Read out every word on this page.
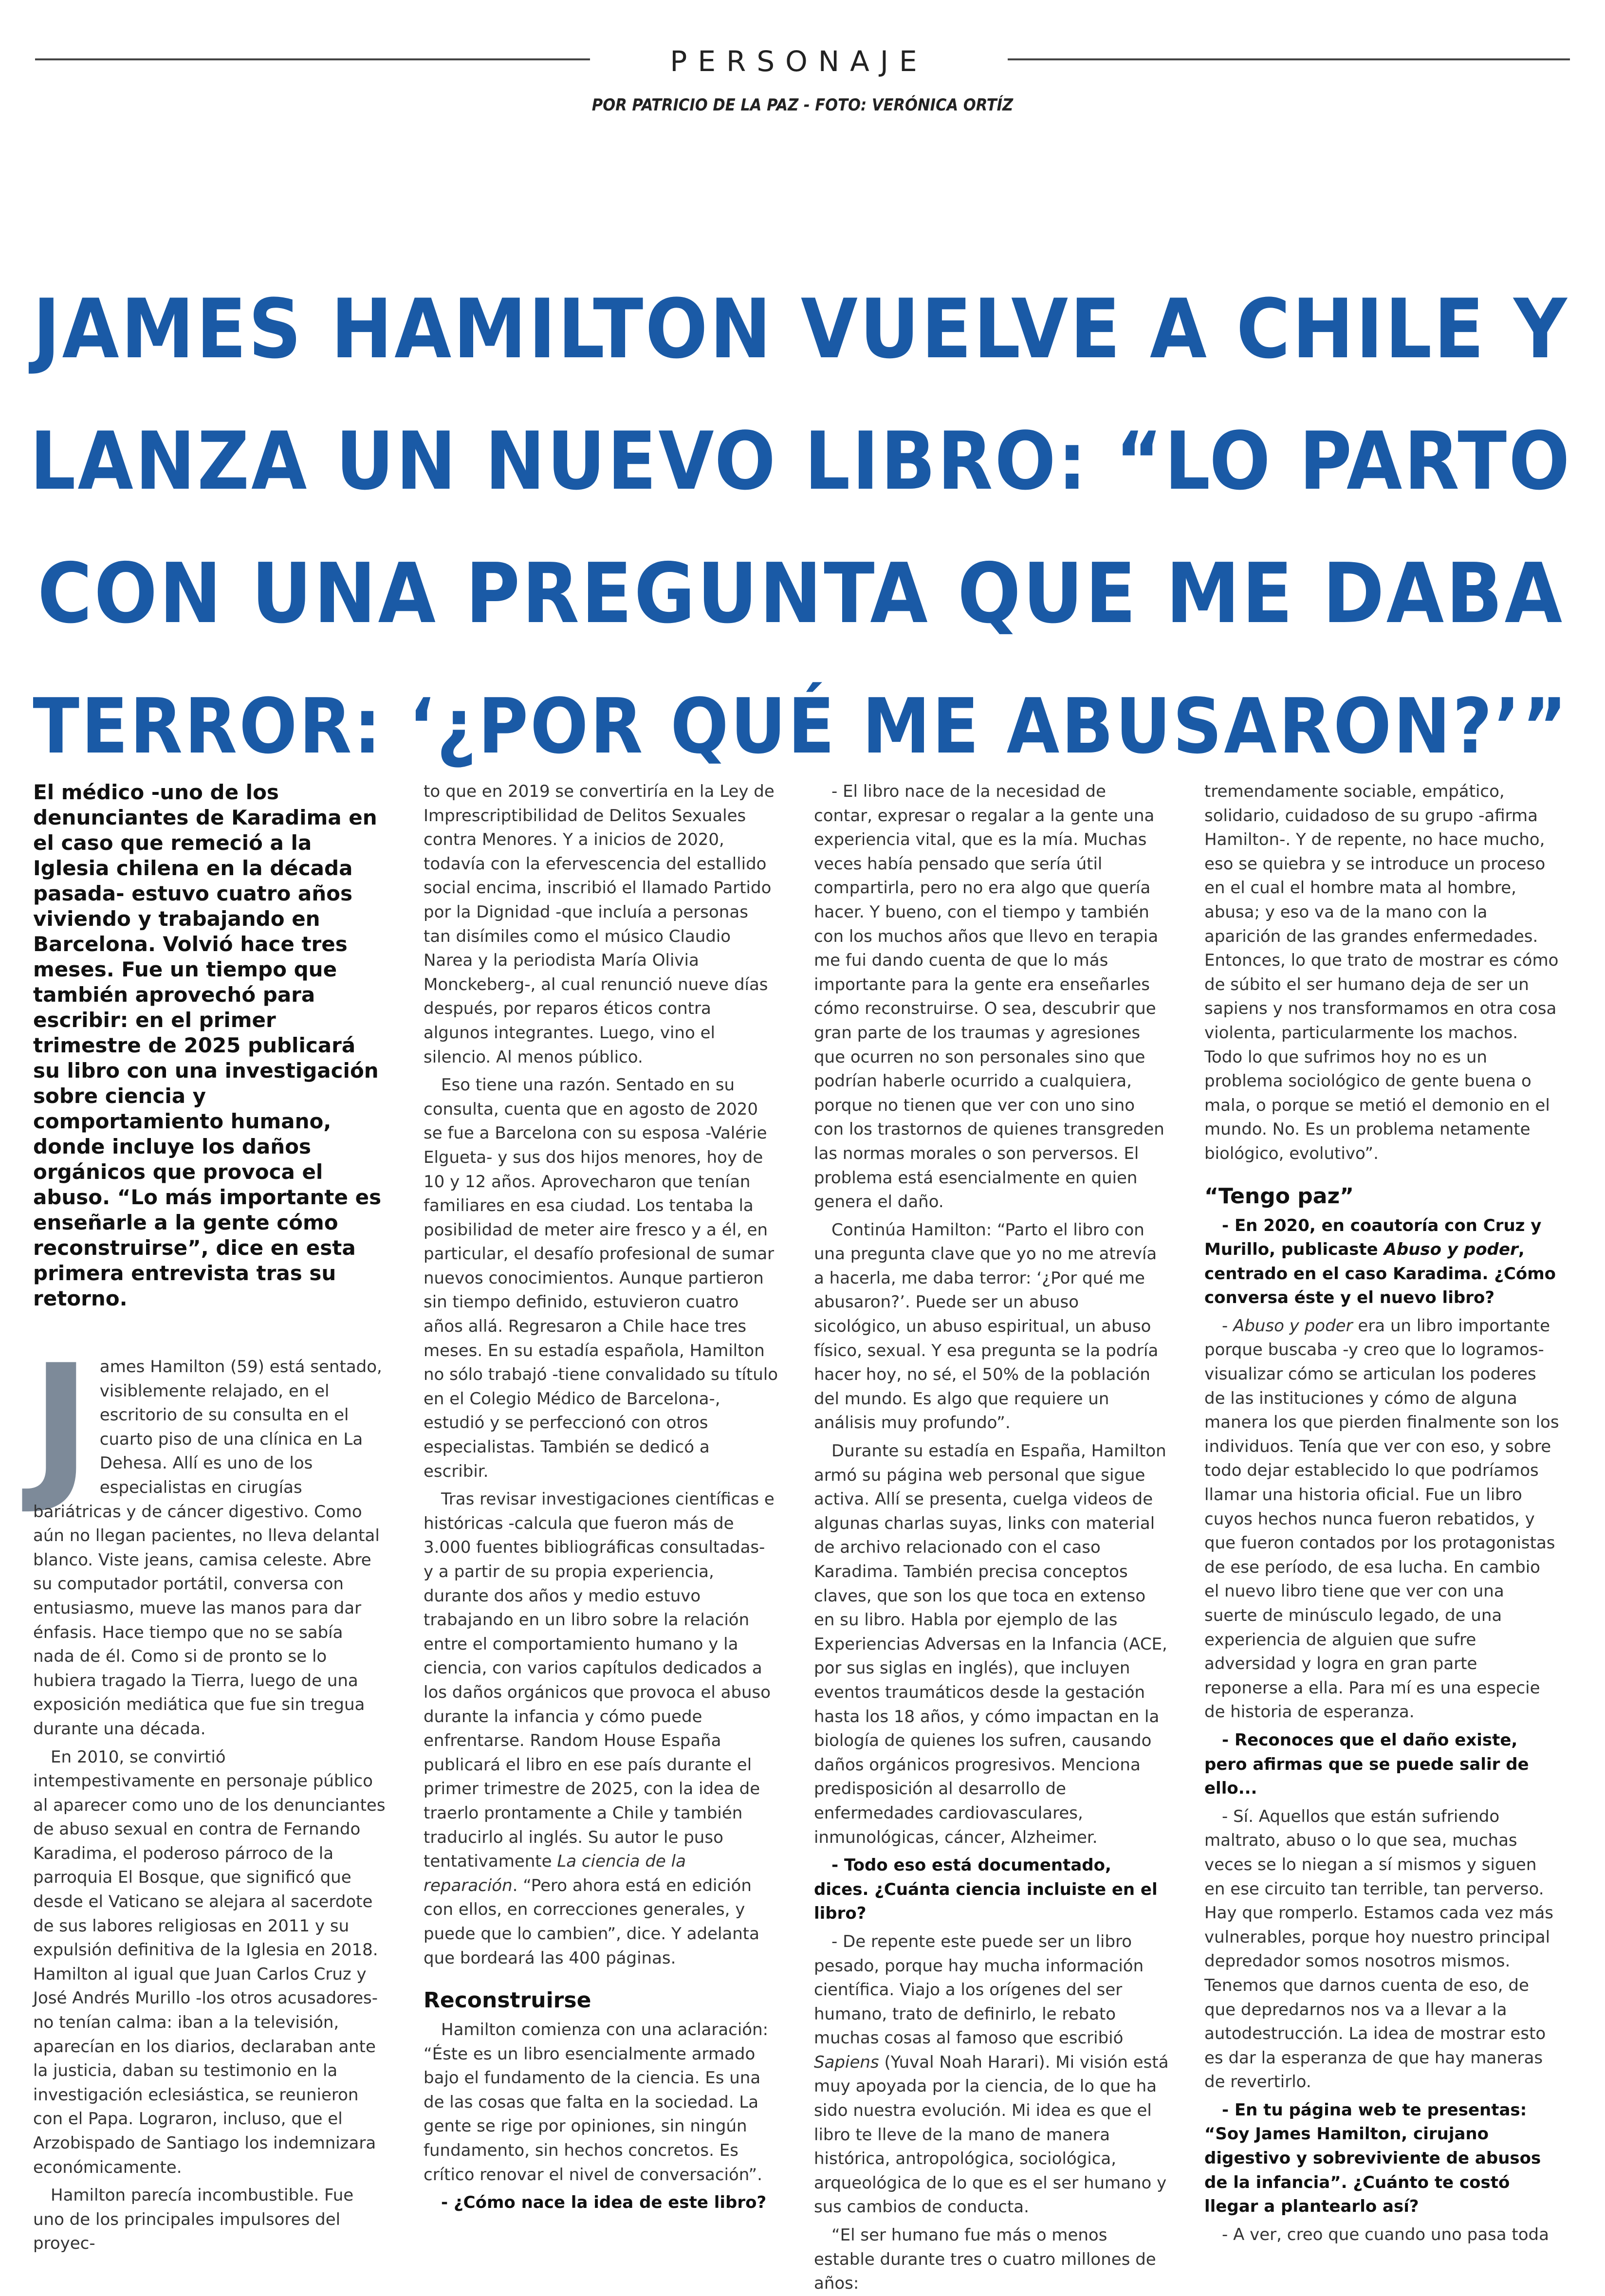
PERSONAJE
POR PATRICIO DE LA PAZ - FOTO: VERÓNICA ORTÍZ
JAMES HAMILTON VUELVE A CHILE Y
LANZA UN NUEVO LIBRO: “LO PARTO
CON UNA PREGUNTA QUE ME DABA
TERROR: ‘¿POR QUÉ ME ABUSARON?’”

El médico -uno de los denunciantes de Karadima en el caso que remeció a la Iglesia chilena en la década pasada- estuvo cuatro años viviendo y trabajando en Barcelona. Volvió hace tres meses. Fue un tiempo que también aprovechó para escribir: en el primer trimestre de 2025 publicará su libro con una investigación sobre ciencia y comportamiento humano, donde incluye los daños orgánicos que provoca el abuso. “Lo más importante es enseñarle a la gente cómo reconstruirse”, dice en esta primera entrevista tras su retorno.

J ames Hamilton (59) está sentado, visiblemente relajado, en el escritorio de su consulta en el cuarto piso de una clínica en La Dehesa. Allí es uno de los especialistas en cirugías bariátricas y de cáncer digestivo. Como aún no llegan pacientes, no lleva delantal blanco. Viste jeans, camisa celeste. Abre su computador portátil, conversa con entusiasmo, mueve las manos para dar énfasis. Hace tiempo que no se sabía nada de él. Como si de pronto se lo hubiera tragado la Tierra, luego de una exposición mediática que fue sin tregua durante una década.

En 2010, se convirtió intempestivamente en personaje público al aparecer como uno de los denunciantes de abuso sexual en contra de Fernando Karadima, el poderoso párroco de la parroquia El Bosque, que significó que desde el Vaticano se alejara al sacerdote de sus labores religiosas en 2011 y su expulsión definitiva de la Iglesia en 2018. Hamilton al igual que Juan Carlos Cruz y José Andrés Murillo -los otros acusadores- no tenían calma: iban a la televisión, aparecían en los diarios, declaraban ante la justicia, daban su testimonio en la investigación eclesiástica, se reunieron con el Papa. Lograron, incluso, que el Arzobispado de Santiago los indemnizara económicamente.

Hamilton parecía incombustible. Fue uno de los principales impulsores del proyec-

to que en 2019 se convertiría en la Ley de Imprescriptibilidad de Delitos Sexuales contra Menores. Y a inicios de 2020, todavía con la efervescencia del estallido social encima, inscribió el llamado Partido por la Dignidad -que incluía a personas tan disímiles como el músico Claudio Narea y la periodista María Olivia Monckeberg-, al cual renunció nueve días después, por reparos éticos contra algunos integrantes. Luego, vino el silencio. Al menos público.

Eso tiene una razón. Sentado en su consulta, cuenta que en agosto de 2020 se fue a Barcelona con su esposa -Valérie Elgueta- y sus dos hijos menores, hoy de 10 y 12 años. Aprovecharon que tenían familiares en esa ciudad. Los tentaba la posibilidad de meter aire fresco y a él, en particular, el desafío profesional de sumar nuevos conocimientos. Aunque partieron sin tiempo definido, estuvieron cuatro años allá. Regresaron a Chile hace tres meses. En su estadía española, Hamilton no sólo trabajó -tiene convalidado su título en el Colegio Médico de Barcelona-, estudió y se perfeccionó con otros especialistas. También se dedicó a escribir.

Tras revisar investigaciones científicas e históricas -calcula que fueron más de 3.000 fuentes bibliográficas consultadas- y a partir de su propia experiencia, durante dos años y medio estuvo trabajando en un libro sobre la relación entre el comportamiento humano y la ciencia, con varios capítulos dedicados a los daños orgánicos que provoca el abuso durante la infancia y cómo puede enfrentarse. Random House España publicará el libro en ese país durante el primer trimestre de 2025, con la idea de traerlo prontamente a Chile y también traducirlo al inglés. Su autor le puso tentativamente La ciencia de la reparación. “Pero ahora está en edición con ellos, en correcciones generales, y puede que lo cambien”, dice. Y adelanta que bordeará las 400 páginas.

Reconstruirse

Hamilton comienza con una aclaración: “Éste es un libro esencialmente armado bajo el fundamento de la ciencia. Es una de las cosas que falta en la sociedad. La gente se rige por opiniones, sin ningún fundamento, sin hechos concretos. Es crítico renovar el nivel de conversación”.

- ¿Cómo nace la idea de este libro?

- El libro nace de la necesidad de contar, expresar o regalar a la gente una experiencia vital, que es la mía. Muchas veces había pensado que sería útil compartirla, pero no era algo que quería hacer. Y bueno, con el tiempo y también con los muchos años que llevo en terapia me fui dando cuenta de que lo más importante para la gente era enseñarles cómo reconstruirse. O sea, descubrir que gran parte de los traumas y agresiones que ocurren no son personales sino que podrían haberle ocurrido a cualquiera, porque no tienen que ver con uno sino con los trastornos de quienes transgreden las normas morales o son perversos. El problema está esencialmente en quien genera el daño.

Continúa Hamilton: “Parto el libro con una pregunta clave que yo no me atrevía a hacerla, me daba terror: ‘¿Por qué me abusaron?’. Puede ser un abuso sicológico, un abuso espiritual, un abuso físico, sexual. Y esa pregunta se la podría hacer hoy, no sé, el 50% de la población del mundo. Es algo que requiere un análisis muy profundo”.

Durante su estadía en España, Hamilton armó su página web personal que sigue activa. Allí se presenta, cuelga videos de algunas charlas suyas, links con material de archivo relacionado con el caso Karadima. También precisa conceptos claves, que son los que toca en extenso en su libro. Habla por ejemplo de las Experiencias Adversas en la Infancia (ACE, por sus siglas en inglés), que incluyen eventos traumáticos desde la gestación hasta los 18 años, y cómo impactan en la biología de quienes los sufren, causando daños orgánicos progresivos. Menciona predisposición al desarrollo de enfermedades cardiovasculares, inmunológicas, cáncer, Alzheimer.

- Todo eso está documentado, dices. ¿Cuánta ciencia incluiste en el libro?

- De repente este puede ser un libro pesado, porque hay mucha información científica. Viajo a los orígenes del ser humano, trato de definirlo, le rebato muchas cosas al famoso que escribió Sapiens (Yuval Noah Harari). Mi visión está muy apoyada por la ciencia, de lo que ha sido nuestra evolución. Mi idea es que el libro te lleve de la mano de manera histórica, antropológica, sociológica, arqueológica de lo que es el ser humano y sus cambios de conducta.

“El ser humano fue más o menos estable durante tres o cuatro millones de años:

tremendamente sociable, empático, solidario, cuidadoso de su grupo -afirma Hamilton-. Y de repente, no hace mucho, eso se quiebra y se introduce un proceso en el cual el hombre mata al hombre, abusa; y eso va de la mano con la aparición de las grandes enfermedades. Entonces, lo que trato de mostrar es cómo de súbito el ser humano deja de ser un sapiens y nos transformamos en otra cosa violenta, particularmente los machos. Todo lo que sufrimos hoy no es un problema sociológico de gente buena o mala, o porque se metió el demonio en el mundo. No. Es un problema netamente biológico, evolutivo”.

“Tengo paz”

- En 2020, en coautoría con Cruz y Murillo, publicaste Abuso y poder, centrado en el caso Karadima. ¿Cómo conversa éste y el nuevo libro?

- Abuso y poder era un libro importante porque buscaba -y creo que lo logramos- visualizar cómo se articulan los poderes de las instituciones y cómo de alguna manera los que pierden finalmente son los individuos. Tenía que ver con eso, y sobre todo dejar establecido lo que podríamos llamar una historia oficial. Fue un libro cuyos hechos nunca fueron rebatidos, y que fueron contados por los protagonistas de ese período, de esa lucha. En cambio el nuevo libro tiene que ver con una suerte de minúsculo legado, de una experiencia de alguien que sufre adversidad y logra en gran parte reponerse a ella. Para mí es una especie de historia de esperanza.

- Reconoces que el daño existe, pero afirmas que se puede salir de ello...

- Sí. Aquellos que están sufriendo maltrato, abuso o lo que sea, muchas veces se lo niegan a sí mismos y siguen en ese circuito tan terrible, tan perverso. Hay que romperlo. Estamos cada vez más vulnerables, porque hoy nuestro principal depredador somos nosotros mismos. Tenemos que darnos cuenta de eso, de que depredarnos nos va a llevar a la autodestrucción. La idea de mostrar esto es dar la esperanza de que hay maneras de revertirlo.

- En tu página web te presentas: “Soy James Hamilton, cirujano digestivo y sobreviviente de abusos de la infancia”. ¿Cuánto te costó llegar a plantearlo así?

- A ver, creo que cuando uno pasa toda
